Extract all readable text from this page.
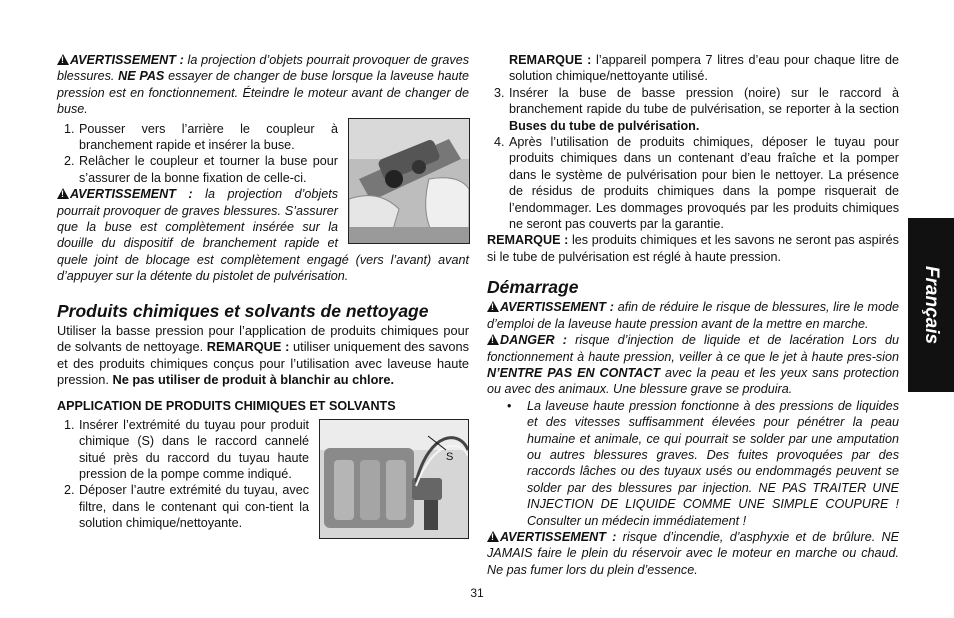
!AVERTISSEMENT : la projection d’objets pourrait provoquer de graves blessures. NE PAS essayer de changer de buse lorsque la laveuse haute pression est en fonctionnement. Éteindre le moteur avant de changer de buse.

1. Pousser vers l’arrière le coupleur à branchement rapide et insérer la buse.
2. Relâcher le coupleur et tourner la buse pour s’assurer de la bonne fixation de celle-ci.

!AVERTISSEMENT : la projection d’objets pourrait provoquer de graves blessures. S’assurer que la buse est complètement insérée sur la douille du dispositif de branchement rapide et quele joint de blocage est complètement engagé (vers l’avant) avant d’appuyer sur la détente du pistolet de pulvérisation.

Produits chimiques et solvants de nettoyage

Utiliser la basse pression pour l’application de produits chimiques pour de solvants de nettoyage. REMARQUE : utiliser uniquement des savons et des produits chimiques conçus pour l’utilisation avec laveuse haute pression. Ne pas utiliser de produit à blanchir au chlore.

APPLICATION DE PRODUITS CHIMIQUES ET SOLVANTS
S
1. Insérer l’extrémité du tuyau pour produit chimique (S) dans le raccord cannelé situé près du raccord du tuyau haute pression de la pompe comme indiqué.
2. Déposer l’autre extrémité du tuyau, avec filtre, dans le contenant qui con-tient la solution chimique/nettoyante.

REMARQUE : l’appareil pompera 7 litres d’eau pour chaque litre de solution chimique/nettoyante utilisé.

3. Insérer la buse de basse pression (noire) sur le raccord à branchement rapide du tube de pulvérisation, se reporter à la section Buses du tube de pulvérisation.
4. Après l’utilisation de produits chimiques, déposer le tuyau pour produits chimiques dans un contenant d’eau fraîche et la pomper dans le système de pulvérisation pour bien le nettoyer. La présence de résidus de produits chimiques dans la pompe risquerait de l’endommager. Les dommages provoqués par les produits chimiques ne seront pas couverts par la garantie.

REMARQUE : les produits chimiques et les savons ne seront pas aspirés si le tube de pulvérisation est réglé à haute pression.

Démarrage

!AVERTISSEMENT : afin de réduire le risque de blessures, lire le mode d’emploi de la laveuse haute pression avant de la mettre en marche.

!DANGER : risque d’injection de liquide et de lacération Lors du fonctionnement à haute pression, veiller à ce que le jet à haute pres-sion N’ENTRE PAS EN CONTACT avec la peau et les yeux sans protection ou avec des animaux. Une blessure grave se produira.

• La laveuse haute pression fonctionne à des pressions de liquides et des vitesses suffisamment élevées pour pénétrer la peau humaine et animale, ce qui pourrait se solder par une amputation ou autres blessures graves. Des fuites provoquées par des raccords lâches ou des tuyaux usés ou endommagés peuvent se solder par des blessures par injection. NE PAS TRAITER UNE INJECTION DE LIQUIDE COMME UNE SIMPLE COUPURE ! Consulter un médecin immédiatement !

!AVERTISSEMENT : risque d’incendie, d’asphyxie et de brûlure. NE JAMAIS faire le plein du réservoir avec le moteur en marche ou chaud. Ne pas fumer lors du plein d’essence.

Français
31
